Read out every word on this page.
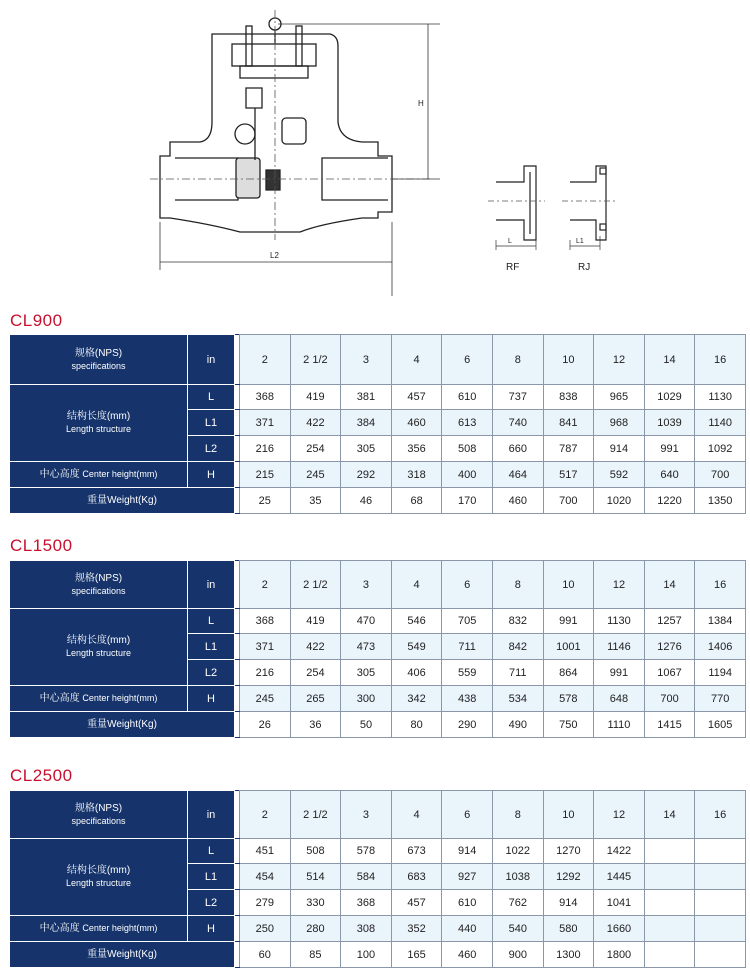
H
L2
L
RF
L1
RJ
CL900
规格(NPS)
specifications	in		2	2 1/2	3	4	6	8	10	12	14	16
结构长度(mm)
Length structure	L		368	419	381	457	610	737	838	965	1029	1130
	L1		371	422	384	460	613	740	841	968	1039	1140
	L2		216	254	305	356	508	660	787	914	991	1092
中心高度 Center height(mm)	H		215	245	292	318	400	464	517	592	640	700
重量Weight(Kg)			25	35	46	68	170	460	700	1020	1220	1350
CL1500
规格(NPS)
specifications	in		2	2 1/2	3	4	6	8	10	12	14	16
结构长度(mm)
Length structure	L		368	419	470	546	705	832	991	1130	1257	1384
	L1		371	422	473	549	711	842	1001	1146	1276	1406
	L2		216	254	305	406	559	711	864	991	1067	1194
中心高度 Center height(mm)	H		245	265	300	342	438	534	578	648	700	770
重量Weight(Kg)			26	36	50	80	290	490	750	1110	1415	1605
CL2500
规格(NPS)
specifications	in		2	2 1/2	3	4	6	8	10	12	14	16
结构长度(mm)
Length structure	L		451	508	578	673	914	1022	1270	1422		
	L1		454	514	584	683	927	1038	1292	1445		
	L2		279	330	368	457	610	762	914	1041		
中心高度 Center height(mm)	H		250	280	308	352	440	540	580	1660		
重量Weight(Kg)			60	85	100	165	460	900	1300	1800		
